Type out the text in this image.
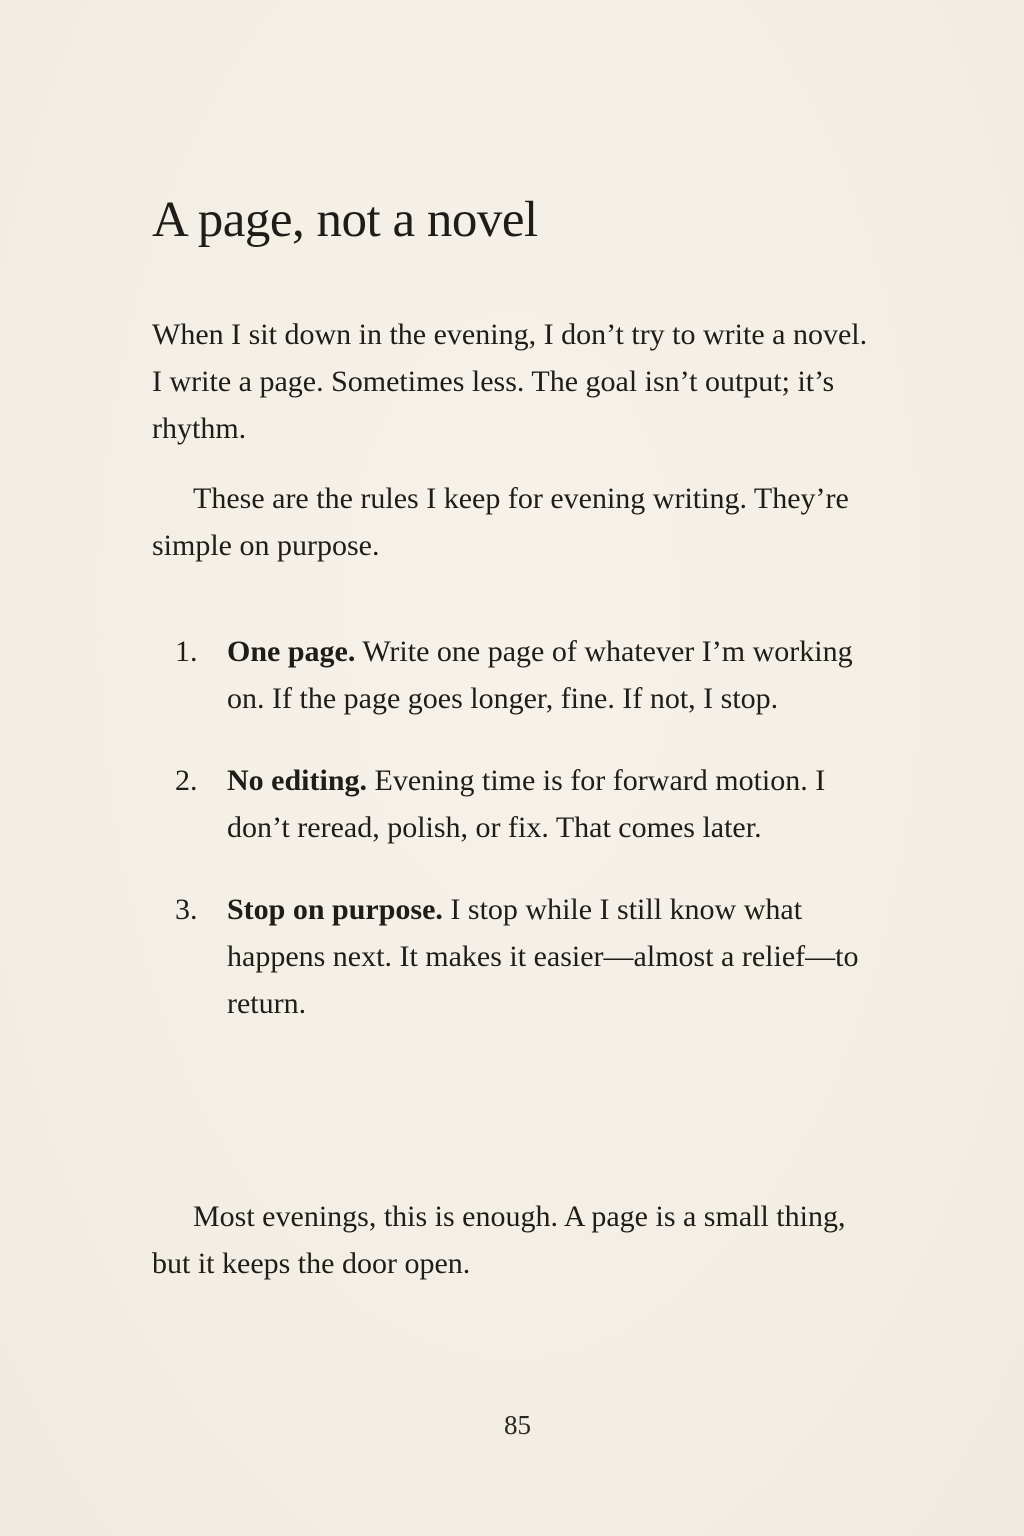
A page, not a novel

When I sit down in the evening, I don’t try to write a novel. I write a page. Sometimes less. The goal isn’t output; it’s rhythm.

These are the rules I keep for evening writing. They’re simple on purpose.

1. One page. Write one page of whatever I’m working on. If the page goes longer, fine. If not, I stop.
2. No editing. Evening time is for forward motion. I don’t reread, polish, or fix. That comes later.
3. Stop on purpose. I stop while I still know what happens next. It makes it easier—almost a relief—to return.

Most evenings, this is enough. A page is a small thing, but it keeps the door open.

85
